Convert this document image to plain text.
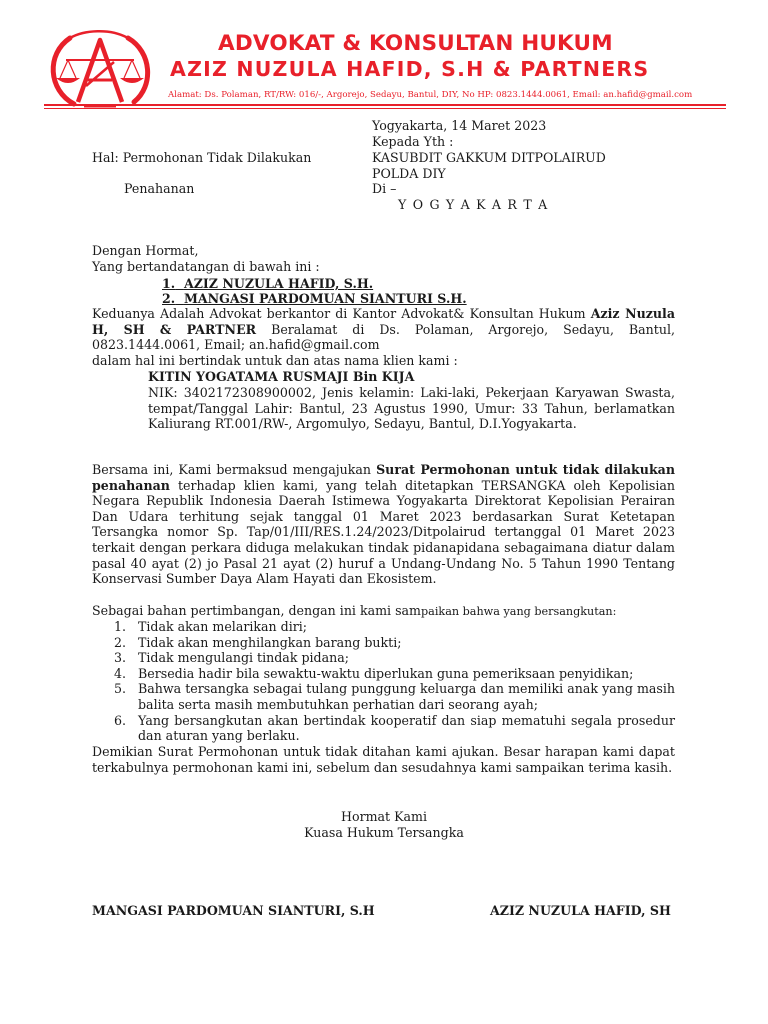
ADVOKAT & KONSULTAN HUKUM
AZIZ NUZULA HAFID, S.H & PARTNERS
Alamat: Ds. Polaman, RT/RW: 016/-, Argorejo, Sedayu, Bantul, DIY, No HP: 0823.1444.0061, Email: an.hafid@gmail.com
Yogyakarta, 14 Maret 2023
Kepada Yth :
Hal: Permohonan Tidak Dilakukan	KASUBDIT GAKKUM DITPOLAIRUD
POLDA DIY
Penahanan	Di –
Y O G Y A K A R T A
Dengan Hormat,
Yang bertandatangan di bawah ini :
1. AZIZ NUZULA HAFID, S.H.
2. MANGASI PARDOMUAN SIANTURI S.H.
Keduanya Adalah Advokat berkantor di Kantor Advokat& Konsultan Hukum Aziz Nuzula H, SH & PARTNER Beralamat di Ds. Polaman, Argorejo, Sedayu, Bantul, 0823.1444.0061, Email; an.hafid@gmail.com
dalam hal ini bertindak untuk dan atas nama klien kami :
KITIN YOGATAMA RUSMAJI Bin KIJA
NIK: 3402172308900002, Jenis kelamin: Laki-laki, Pekerjaan Karyawan Swasta, tempat/Tanggal Lahir: Bantul, 23 Agustus 1990, Umur: 33 Tahun, berlamatkan Kaliurang RT.001/RW-, Argomulyo, Sedayu, Bantul, D.I.Yogyakarta.
Bersama ini, Kami bermaksud mengajukan Surat Permohonan untuk tidak dilakukan penahanan terhadap klien kami, yang telah ditetapkan TERSANGKA oleh Kepolisian Negara Republik Indonesia Daerah Istimewa Yogyakarta Direktorat Kepolisian Perairan Dan Udara terhitung sejak tanggal 01 Maret 2023 berdasarkan Surat Ketetapan Tersangka nomor Sp. Tap/01/III/RES.1.24/2023/Ditpolairud tertanggal 01 Maret 2023 terkait dengan perkara diduga melakukan tindak pidanapidana sebagaimana diatur dalam pasal 40 ayat (2) jo Pasal 21 ayat (2) huruf a Undang-Undang No. 5 Tahun 1990 Tentang Konservasi Sumber Daya Alam Hayati dan Ekosistem.
Sebagai bahan pertimbangan, dengan ini kami sampaikan bahwa yang bersangkutan:
1. Tidak akan melarikan diri;
2. Tidak akan menghilangkan barang bukti;
3. Tidak mengulangi tindak pidana;
4. Bersedia hadir bila sewaktu-waktu diperlukan guna pemeriksaan penyidikan;
5. Bahwa tersangka sebagai tulang punggung keluarga dan memiliki anak yang masih balita serta masih membutuhkan perhatian dari seorang ayah;
6. Yang bersangkutan akan bertindak kooperatif dan siap mematuhi segala prosedur dan aturan yang berlaku.
Demikian Surat Permohonan untuk tidak ditahan kami ajukan. Besar harapan kami dapat terkabulnya permohonan kami ini, sebelum dan sesudahnya kami sampaikan terima kasih.
Hormat Kami
Kuasa Hukum Tersangka
MANGASI PARDOMUAN SIANTURI, S.H	AZIZ NUZULA HAFID, SH
